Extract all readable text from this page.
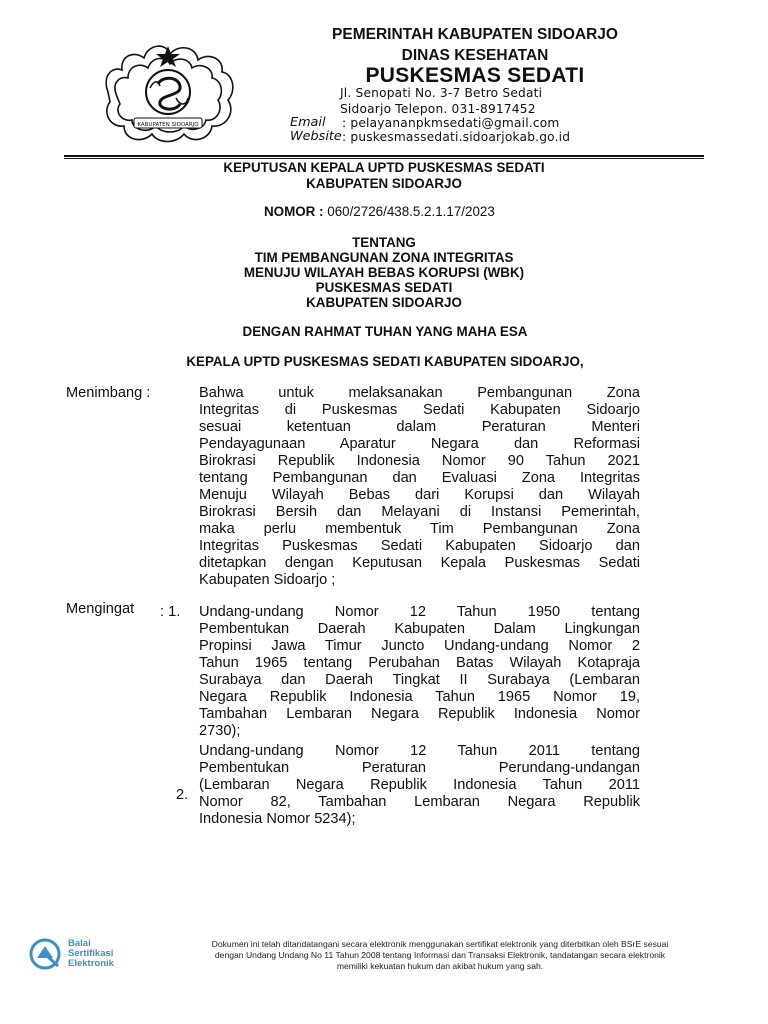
KABUPATEN SIDOARJO
PEMERINTAH KABUPATEN SIDOARJO
DINAS KESEHATAN
PUSKESMAS SEDATI
Jl. Senopati No. 3-7 Betro Sedati
Sidoarjo Telepon. 031-8917452
Email : pelayananpkmsedati@gmail.com
Website : puskesmassedati.sidoarjokab.go.id
KEPUTUSAN KEPALA UPTD PUSKESMAS SEDATI
KABUPATEN SIDOARJO
NOMOR : 060/2726/438.5.2.1.17/2023
TENTANG
TIM PEMBANGUNAN ZONA INTEGRITAS
MENUJU WILAYAH BEBAS KORUPSI (WBK)
PUSKESMAS SEDATI
KABUPATEN SIDOARJO
DENGAN RAHMAT TUHAN YANG MAHA ESA
KEPALA UPTD PUSKESMAS SEDATI KABUPATEN SIDOARJO,
Menimbang :	Bahwa untuk melaksanakan Pembangunan Zona
Integritas di Puskesmas Sedati Kabupaten Sidoarjo
sesuai ketentuan dalam Peraturan Menteri
Pendayagunaan Aparatur Negara dan Reformasi
Birokrasi Republik Indonesia Nomor 90 Tahun 2021
tentang Pembangunan dan Evaluasi Zona Integritas
Menuju Wilayah Bebas dari Korupsi dan Wilayah
Birokrasi Bersih dan Melayani di Instansi Pemerintah,
maka perlu membentuk Tim Pembangunan Zona
Integritas Puskesmas Sedati Kabupaten Sidoarjo dan
ditetapkan dengan Keputusan Kepala Puskesmas Sedati
Kabupaten Sidoarjo ;
Mengingat : 1. Undang-undang Nomor 12 Tahun 1950 tentang
Pembentukan Daerah Kabupaten Dalam Lingkungan
Propinsi Jawa Timur Juncto Undang-undang Nomor 2
Tahun 1965 tentang Perubahan Batas Wilayah Kotapraja
Surabaya dan Daerah Tingkat II Surabaya (Lembaran
Negara Republik Indonesia Tahun 1965 Nomor 19,
Tambahan Lembaran Negara Republik Indonesia Nomor
2730);
2.
Undang-undang Nomor 12 Tahun 2011 tentang
Pembentukan Peraturan Perundang-undangan
(Lembaran Negara Republik Indonesia Tahun 2011
Nomor 82, Tambahan Lembaran Negara Republik
Indonesia Nomor 5234);
Balai
Sertifikasi
Elektronik
Dokumen ini telah ditandatangani secara elektronik menggunakan sertifikat elektronik yang diterbitkan oleh BSrE sesuai
dengan Undang Undang No 11 Tahun 2008 tentang Informasi dan Transaksi Elektronik, tandatangan secara elektronik
memiliki kekuatan hukum dan akibat hukum yang sah.
